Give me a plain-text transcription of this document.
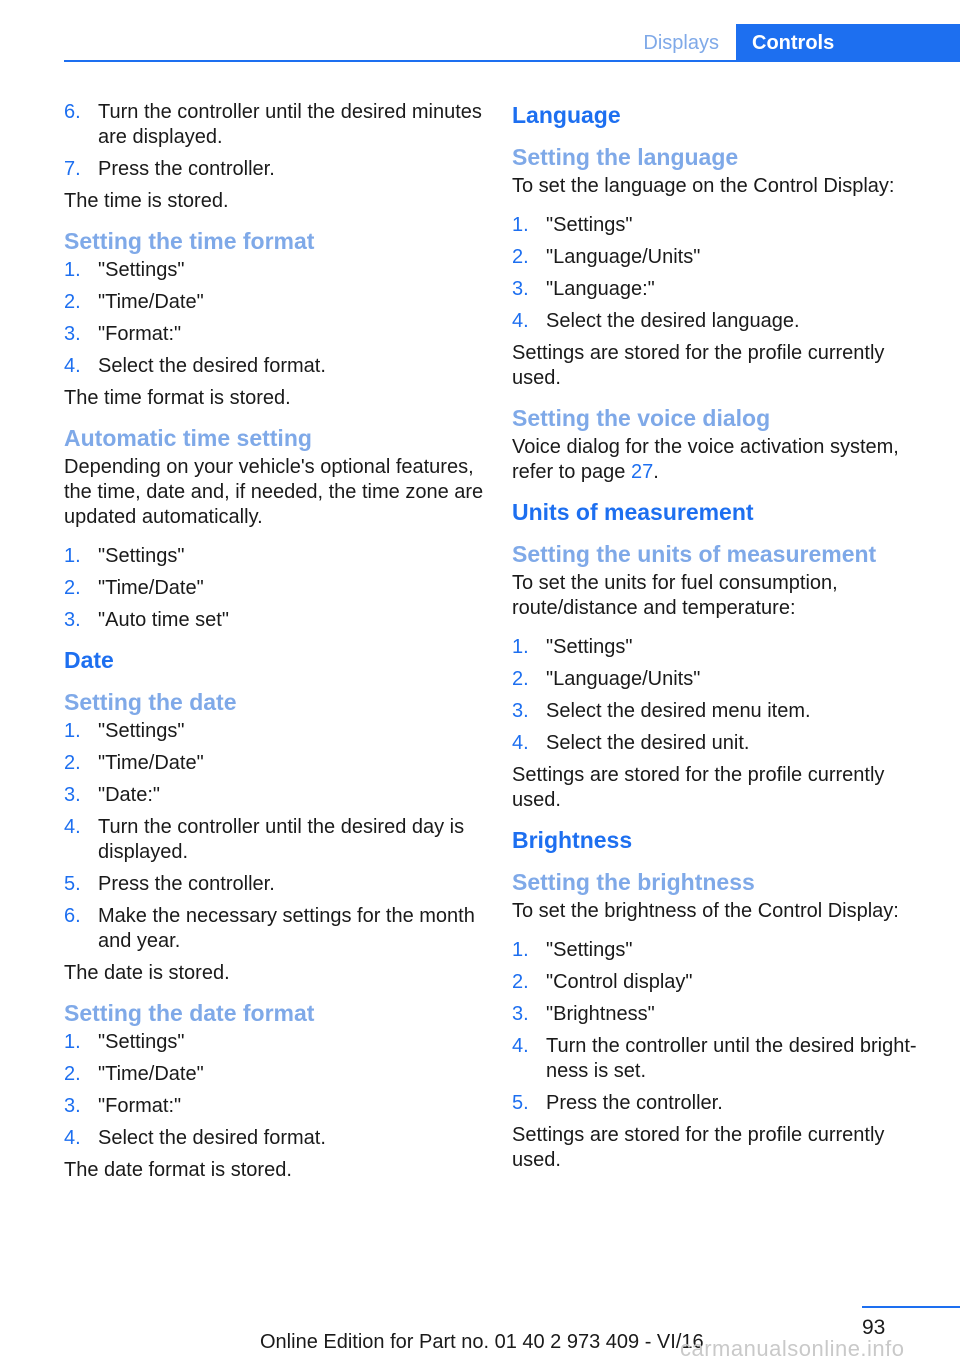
Displays	Controls
6. Turn the controller until the desired minutes are displayed.
7. Press the controller.

The time is stored.

Setting the time format
1. "Settings"
2. "Time/Date"
3. "Format:"
4. Select the desired format.

The time format is stored.

Automatic time setting

Depending on your vehicle's optional features, the time, date and, if needed, the time zone are updated automatically.

1. "Settings"
2. "Time/Date"
3. "Auto time set"
Date
Setting the date
1. "Settings"
2. "Time/Date"
3. "Date:"
4. Turn the controller until the desired day is displayed.
5. Press the controller.
6. Make the necessary settings for the month and year.

The date is stored.

Setting the date format
1. "Settings"
2. "Time/Date"
3. "Format:"
4. Select the desired format.

The date format is stored.

Language
Setting the language

To set the language on the Control Display:

1. "Settings"
2. "Language/Units"
3. "Language:"
4. Select the desired language.

Settings are stored for the profile currently used.

Setting the voice dialog

Voice dialog for the voice activation system, refer to page 27.

Units of measurement
Setting the units of measurement

To set the units for fuel consumption, route/distance and temperature:

1. "Settings"
2. "Language/Units"
3. Select the desired menu item.
4. Select the desired unit.

Settings are stored for the profile currently used.

Brightness
Setting the brightness

To set the brightness of the Control Display:

1. "Settings"
2. "Control display"
3. "Brightness"
4. Turn the controller until the desired brightness is set.
5. Press the controller.

Settings are stored for the profile currently used.

93
Online Edition for Part no. 01 40 2 973 409 - VI/16
carmanualsonline.info
